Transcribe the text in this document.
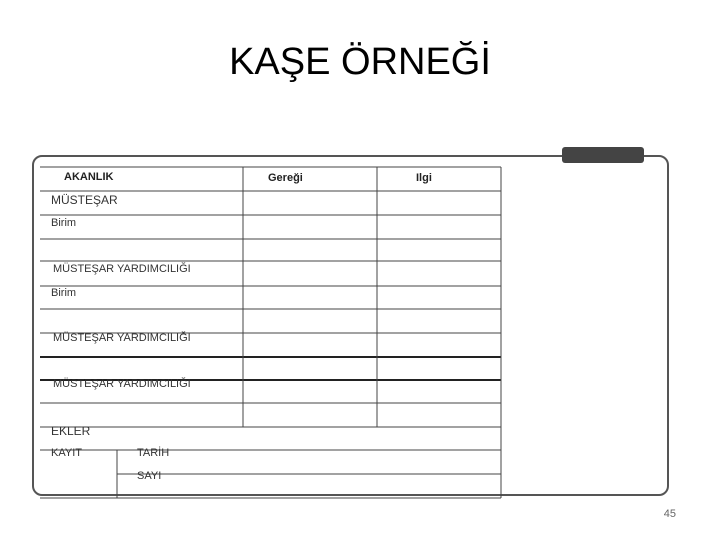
KAŞE ÖRNEĞİ
AKANLIK	Gereği	Ilgi
MÜSTEŞAR
Birim
MÜSTEŞAR YARDIMCILIĞI
Birim
MÜSTEŞAR YARDIMCILIĞI
MÜSTEŞAR YARDIMCILIĞI
EKLER
KAYIT	TARİH
SAYI
45
